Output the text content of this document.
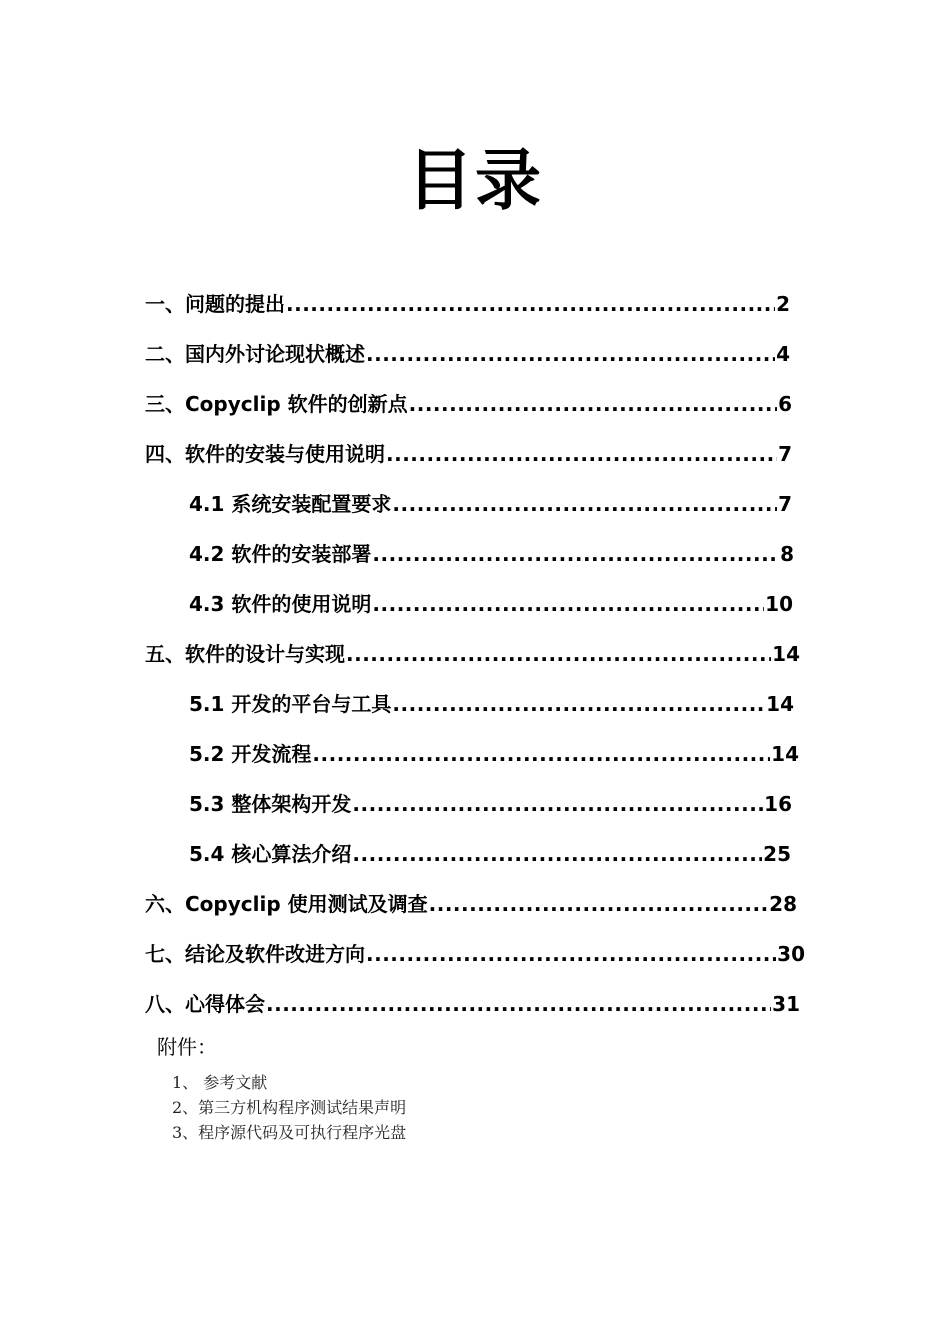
目录
一、问题的提出 .....	2
二、国内外讨论现状概述 .....	4
三、Copyclip 软件的创新点 .....	6
四、软件的安装与使用说明 .....	7
4.1 系统安装配置要求 .....	7
4.2 软件的安装部署 .....	8
4.3 软件的使用说明 .....	10
五、软件的设计与实现 .....	14
5.1 开发的平台与工具 .....	14
5.2 开发流程 .....	14
5.3 整体架构开发 .....	16
5.4 核心算法介绍 .....	25
六、Copyclip 使用测试及调查 .....	28
七、结论及软件改进方向 .....	30
八、心得体会 .....	31
附件：
1、 参考文献
2、第三方机构程序测试结果声明
3、程序源代码及可执行程序光盘
